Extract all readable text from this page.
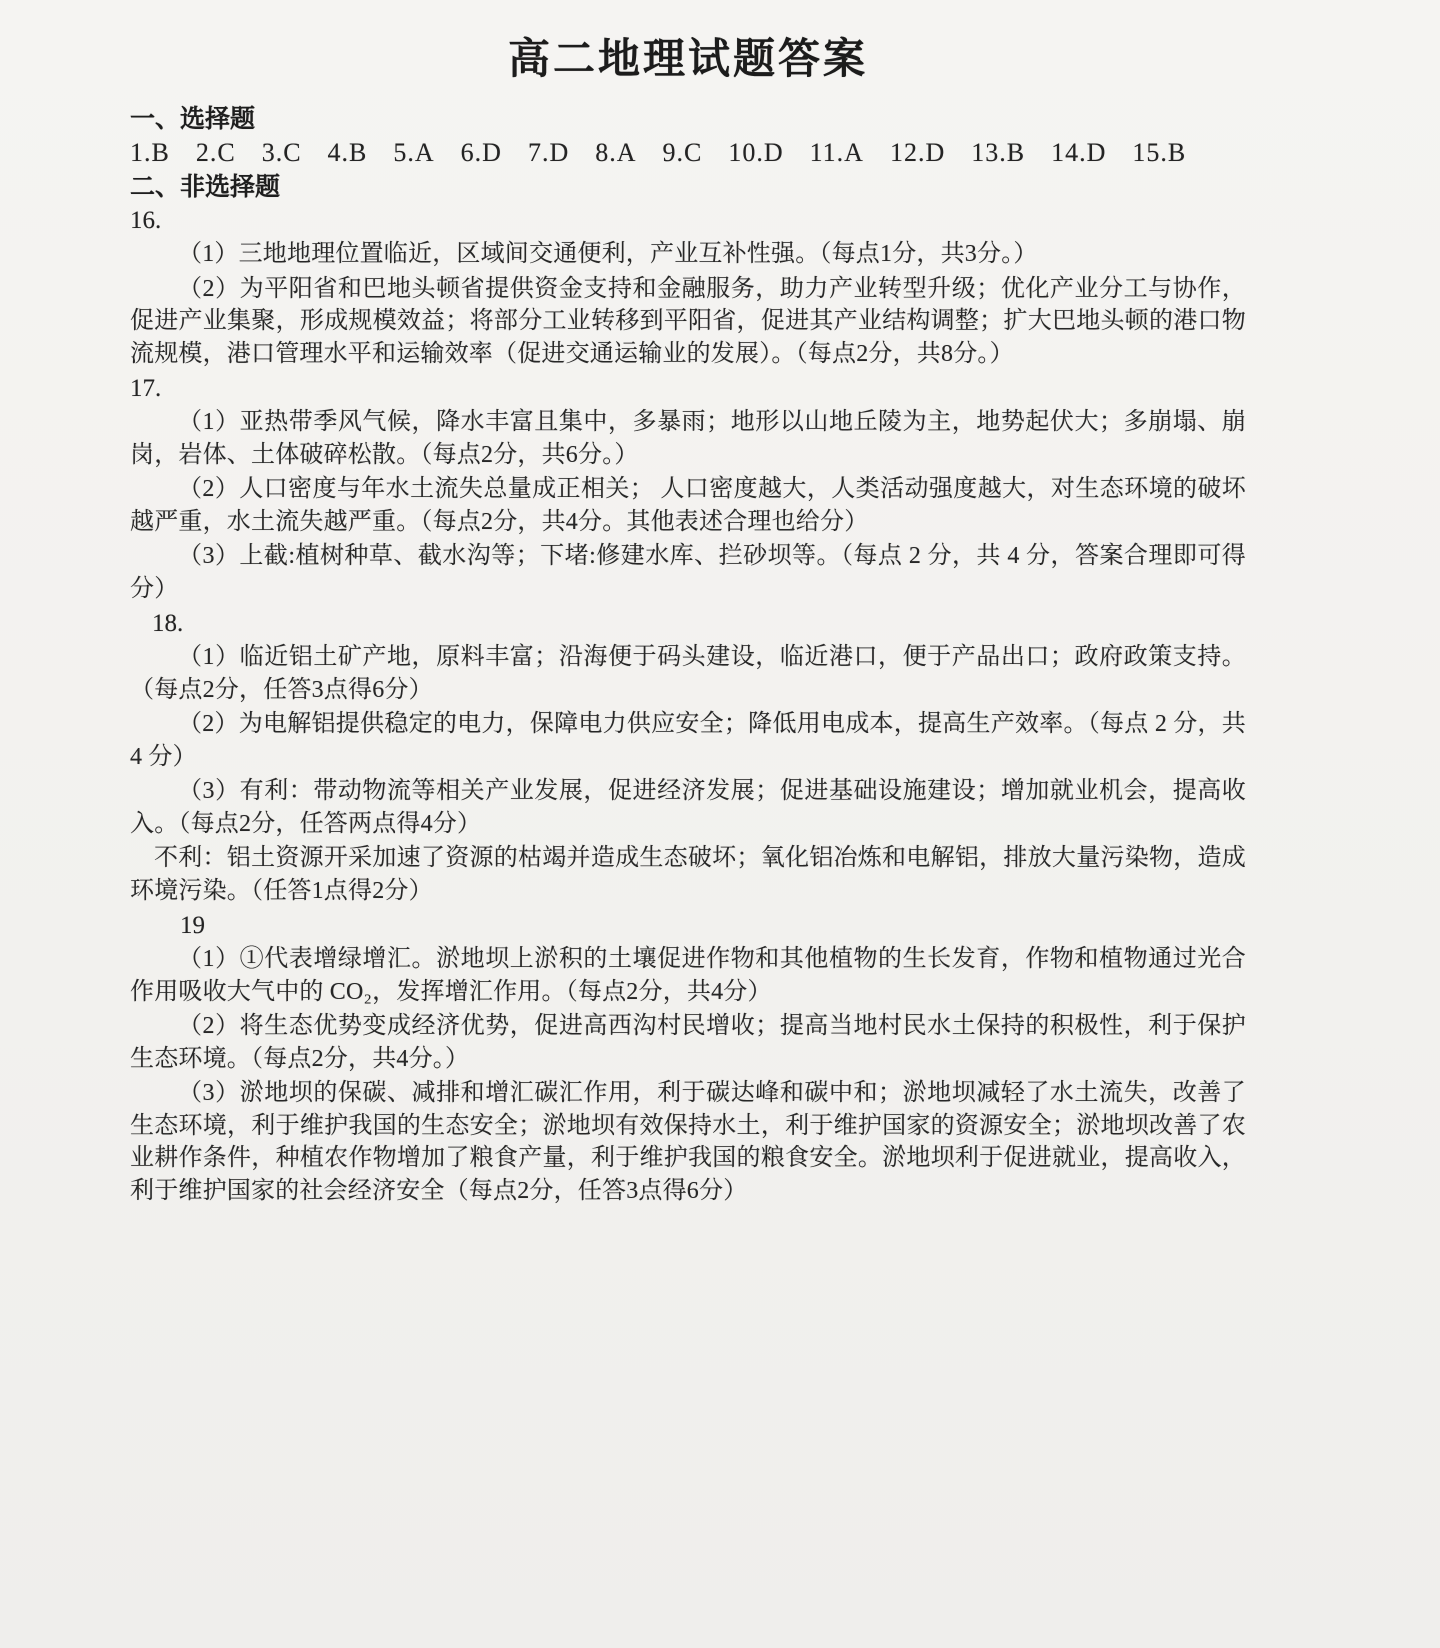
高二地理试题答案
一、选择题
1.B 2.C 3.C 4.B 5.A 6.D 7.D 8.A 9.C 10.D 11.A 12.D 13.B 14.D 15.B
二、非选择题
16.

（1）三地地理位置临近，区域间交通便利，产业互补性强。（每点1分，共3分。）

（2）为平阳省和巴地头顿省提供资金支持和金融服务，助力产业转型升级；优化产业分工与协作，促进产业集聚，形成规模效益；将部分工业转移到平阳省，促进其产业结构调整；扩大巴地头顿的港口物流规模，港口管理水平和运输效率（促进交通运输业的发展）。（每点2分，共8分。）

17.

（1）亚热带季风气候，降水丰富且集中，多暴雨；地形以山地丘陵为主，地势起伏大；多崩塌、崩岗，岩体、土体破碎松散。（每点2分，共6分。）

（2）人口密度与年水土流失总量成正相关； 人口密度越大，人类活动强度越大，对生态环境的破坏越严重，水土流失越严重。（每点2分，共4分。其他表述合理也给分）

（3）上截:植树种草、截水沟等；下堵:修建水库、拦砂坝等。（每点 2 分，共 4 分，答案合理即可得分）

18.

（1）临近铝土矿产地，原料丰富；沿海便于码头建设，临近港口，便于产品出口；政府政策支持。（每点2分，任答3点得6分）

（2）为电解铝提供稳定的电力，保障电力供应安全；降低用电成本，提高生产效率。（每点 2 分，共 4 分）

（3）有利：带动物流等相关产业发展，促进经济发展；促进基础设施建设；增加就业机会，提高收入。（每点2分，任答两点得4分）

不利：铝土资源开采加速了资源的枯竭并造成生态破坏；氧化铝冶炼和电解铝，排放大量污染物，造成环境污染。（任答1点得2分）

19

（1）①代表增绿增汇。淤地坝上淤积的土壤促进作物和其他植物的生长发育，作物和植物通过光合作用吸收大气中的 CO₂，发挥增汇作用。（每点2分，共4分）

（2）将生态优势变成经济优势，促进高西沟村民增收；提高当地村民水土保持的积极性，利于保护生态环境。（每点2分，共4分。）

（3）淤地坝的保碳、减排和增汇碳汇作用，利于碳达峰和碳中和；淤地坝减轻了水土流失，改善了生态环境，利于维护我国的生态安全；淤地坝有效保持水土，利于维护国家的资源安全；淤地坝改善了农业耕作条件，种植农作物增加了粮食产量，利于维护我国的粮食安全。淤地坝利于促进就业，提高收入，利于维护国家的社会经济安全（每点2分，任答3点得6分）
